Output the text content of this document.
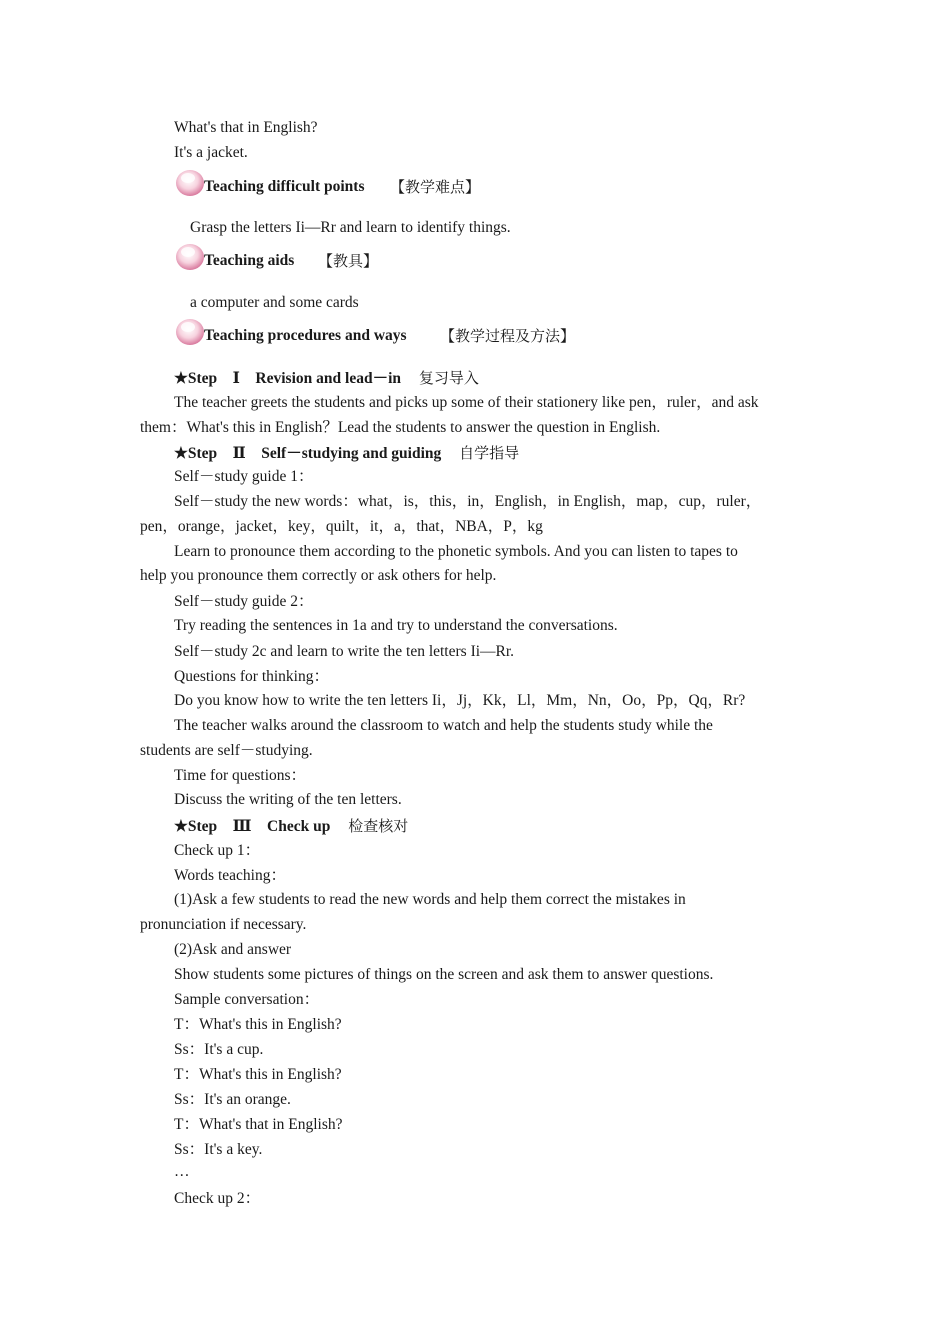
What's that in English?
It's a jacket.
Teaching difficult points 【教学难点】
Grasp the letters Ii—Rr and learn to identify things.
Teaching aids 【教具】
a computer and some cards
Teaching procedures and ways 【教学过程及方法】
★Step　Ⅰ　Revision and lead－in 复习导入
The teacher greets the students and picks up some of their stationery like pen，ruler，and ask
them：What's this in English？Lead the students to answer the question in English.
★Step　Ⅱ　Self－studying and guiding 自学指导
Self－study guide 1：
Self－study the new words：what，is，this，in，English，in English，map，cup，ruler，
pen，orange，jacket，key，quilt，it，a，that，NBA，P，kg
Learn to pronounce them according to the phonetic symbols. And you can listen to tapes to
help you pronounce them correctly or ask others for help.
Self－study guide 2：
Try reading the sentences in 1a and try to understand the conversations.
Self－study 2c and learn to write the ten letters Ii—Rr.
Questions for thinking：
Do you know how to write the ten letters Ii，Jj，Kk，Ll，Mm，Nn，Oo，Pp，Qq，Rr?
The teacher walks around the classroom to watch and help the students study while the
students are self－studying.
Time for questions：
Discuss the writing of the ten letters.
★Step　Ⅲ　Check up 检查核对
Check up 1：
Words teaching：
(1)Ask a few students to read the new words and help them correct the mistakes in
pronunciation if necessary.
(2)Ask and answer
Show students some pictures of things on the screen and ask them to answer questions.
Sample conversation：
T：What's this in English?
Ss：It's a cup.
T：What's this in English?
Ss：It's an orange.
T：What's that in English?
Ss：It's a key.
…
Check up 2：
